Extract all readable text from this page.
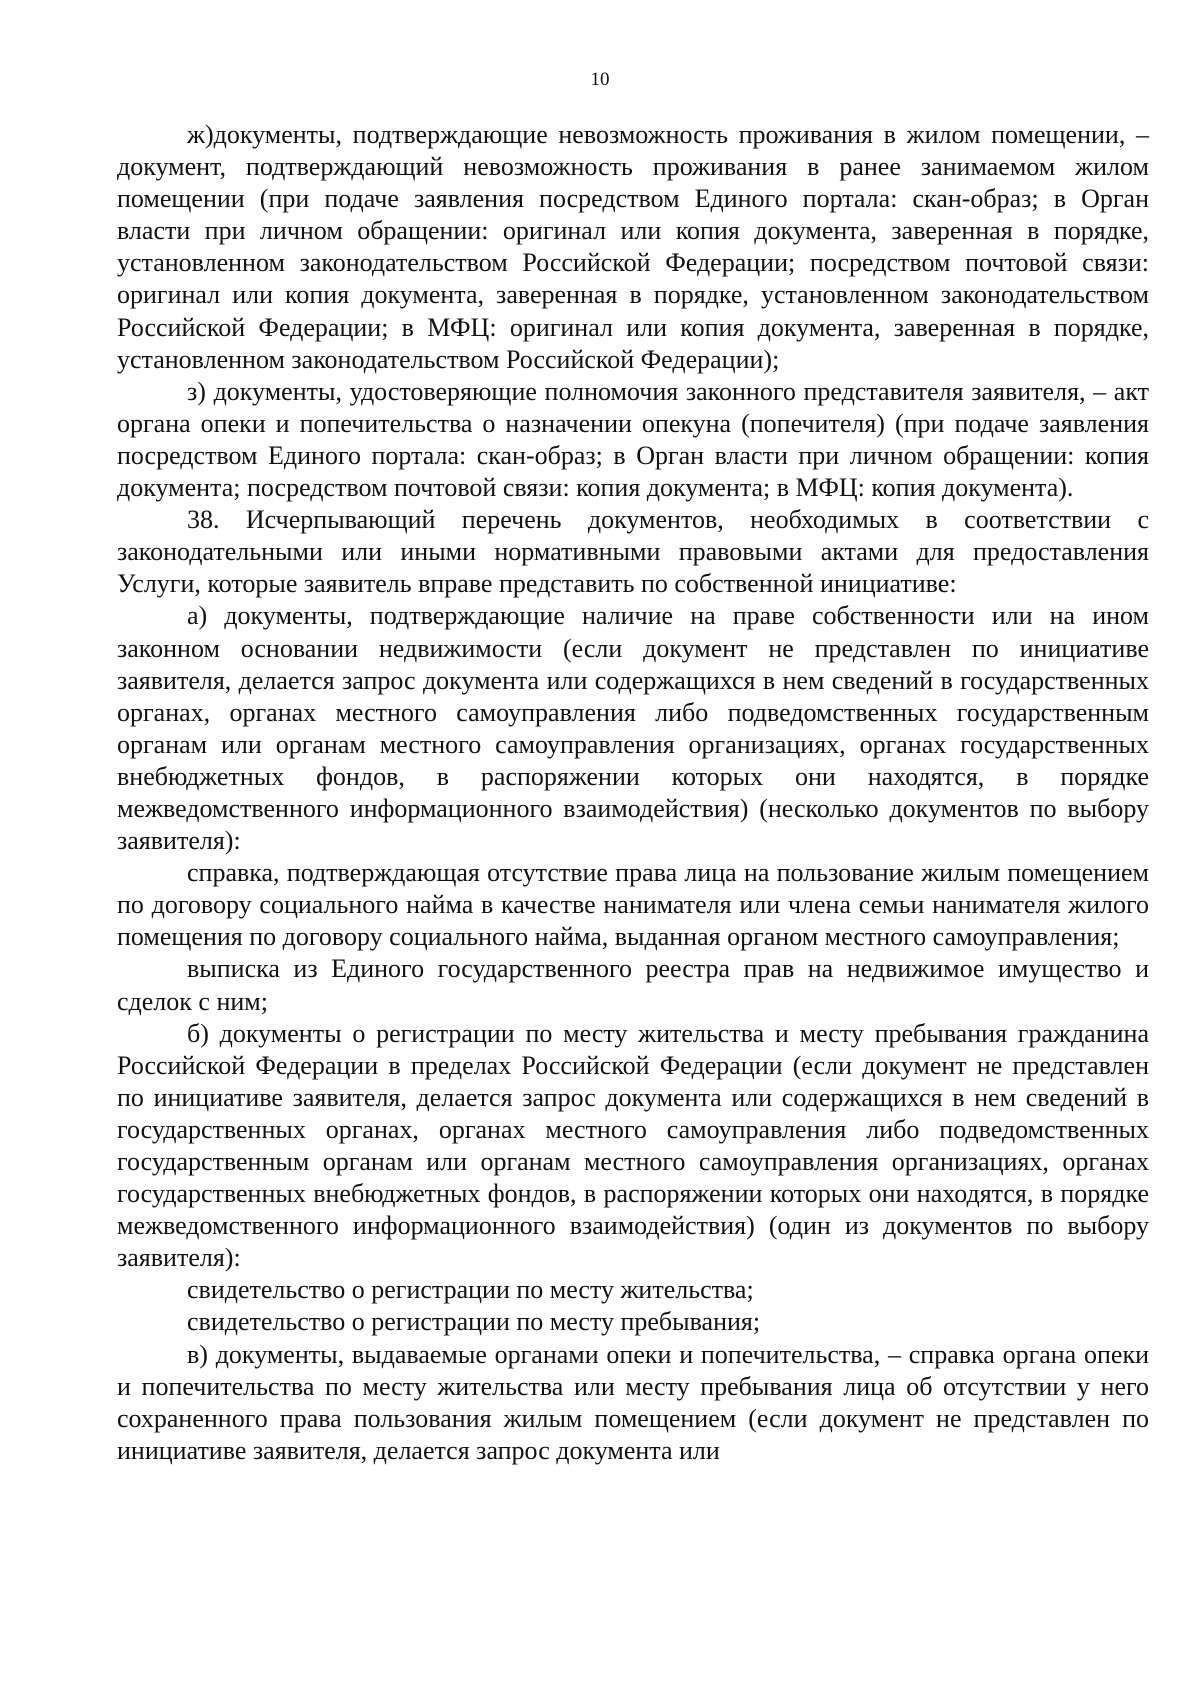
10

ж)документы, подтверждающие невозможность проживания в жилом помещении, – документ, подтверждающий невозможность проживания в ранее занимаемом жилом помещении (при подаче заявления посредством Единого портала: скан-образ; в Орган власти при личном обращении: оригинал или копия документа, заверенная в порядке, установленном законодательством Российской Федерации; посредством почтовой связи: оригинал или копия документа, заверенная в порядке, установленном законодательством Российской Федерации; в МФЦ: оригинал или копия документа, заверенная в порядке, установленном законодательством Российской Федерации);

з) документы, удостоверяющие полномочия законного представителя заявителя, – акт органа опеки и попечительства о назначении опекуна (попечителя) (при подаче заявления посредством Единого портала: скан-образ; в Орган власти при личном обращении: копия документа; посредством почтовой связи: копия документа; в МФЦ: копия документа).

38. Исчерпывающий перечень документов, необходимых в соответствии с законодательными или иными нормативными правовыми актами для предоставления Услуги, которые заявитель вправе представить по собственной инициативе:

а) документы, подтверждающие наличие на праве собственности или на ином законном основании недвижимости (если документ не представлен по инициативе заявителя, делается запрос документа или содержащихся в нем сведений в государственных органах, органах местного самоуправления либо подведомственных государственным органам или органам местного самоуправления организациях, органах государственных внебюджетных фондов, в распоряжении которых они находятся, в порядке межведомственного информационного взаимодействия) (несколько документов по выбору заявителя):

справка, подтверждающая отсутствие права лица на пользование жилым помещением по договору социального найма в качестве нанимателя или члена семьи нанимателя жилого помещения по договору социального найма, выданная органом местного самоуправления;

выписка из Единого государственного реестра прав на недвижимое имущество и сделок с ним;

б) документы о регистрации по месту жительства и месту пребывания гражданина Российской Федерации в пределах Российской Федерации (если документ не представлен по инициативе заявителя, делается запрос документа или содержащихся в нем сведений в государственных органах, органах местного самоуправления либо подведомственных государственным органам или органам местного самоуправления организациях, органах государственных внебюджетных фондов, в распоряжении которых они находятся, в порядке межведомственного информационного взаимодействия) (один из документов по выбору заявителя):

свидетельство о регистрации по месту жительства;

свидетельство о регистрации по месту пребывания;

в) документы, выдаваемые органами опеки и попечительства, – справка органа опеки и попечительства по месту жительства или месту пребывания лица об отсутствии у него сохраненного права пользования жилым помещением (если документ не представлен по инициативе заявителя, делается запрос документа или
